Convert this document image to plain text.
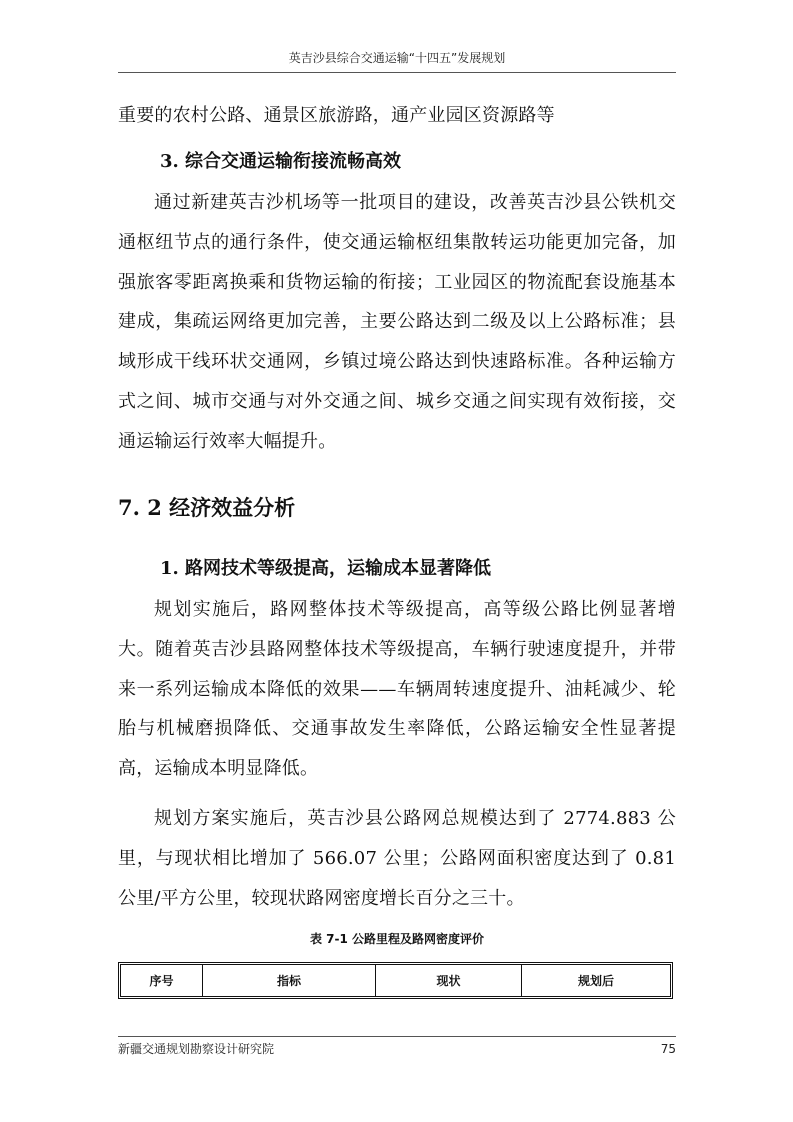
英吉沙县综合交通运输“十四五”发展规划

重要的农村公路、通景区旅游路，通产业园区资源路等

3. 综合交通运输衔接流畅高效

通过新建英吉沙机场等一批项目的建设，改善英吉沙县公铁机交通枢纽节点的通行条件，使交通运输枢纽集散转运功能更加完备，加强旅客零距离换乘和货物运输的衔接；工业园区的物流配套设施基本建成，集疏运网络更加完善，主要公路达到二级及以上公路标准；县域形成干线环状交通网，乡镇过境公路达到快速路标准。各种运输方式之间、城市交通与对外交通之间、城乡交通之间实现有效衔接，交通运输运行效率大幅提升。

7. 2 经济效益分析
1. 路网技术等级提高，运输成本显著降低

规划实施后，路网整体技术等级提高，高等级公路比例显著增大。随着英吉沙县路网整体技术等级提高，车辆行驶速度提升，并带来一系列运输成本降低的效果——车辆周转速度提升、油耗减少、轮胎与机械磨损降低、交通事故发生率降低，公路运输安全性显著提高，运输成本明显降低。

规划方案实施后，英吉沙县公路网总规模达到了 2774.883 公里，与现状相比增加了 566.07 公里；公路网面积密度达到了 0.81 公里/平方公里，较现状路网密度增长百分之三十。

表 7-1 公路里程及路网密度评价
序号	指标	现状	规划后
新疆交通规划勘察设计研究院	75
